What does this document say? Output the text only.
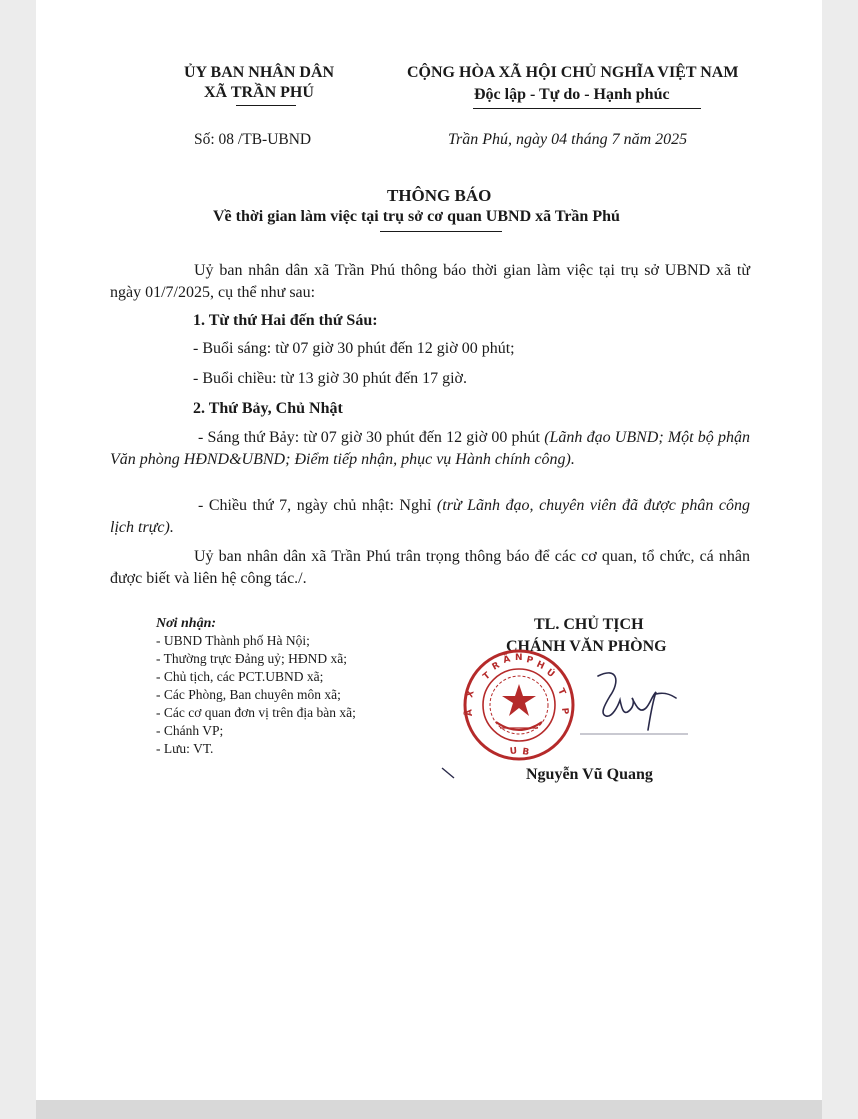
ỦY BAN NHÂN DÂN
XÃ TRẦN PHÚ
CỘNG HÒA XÃ HỘI CHỦ NGHĨA VIỆT NAM
Độc lập - Tự do - Hạnh phúc
Số: 08 /TB-UBND	Trần Phú, ngày 04 tháng 7 năm 2025
THÔNG BÁO
Về thời gian làm việc tại trụ sở cơ quan UBND xã Trần Phú
Uỷ ban nhân dân xã Trần Phú thông báo thời gian làm việc tại trụ sở UBND xã từ ngày 01/7/2025, cụ thể như sau:
1. Từ thứ Hai đến thứ Sáu:
- Buổi sáng: từ 07 giờ 30 phút đến 12 giờ 00 phút;
- Buổi chiều: từ 13 giờ 30 phút đến 17 giờ.
2. Thứ Bảy, Chủ Nhật
- Sáng thứ Bảy: từ 07 giờ 30 phút đến 12 giờ 00 phút (Lãnh đạo UBND; Một bộ phận Văn phòng HĐND&UBND; Điểm tiếp nhận, phục vụ Hành chính công).
- Chiều thứ 7, ngày chủ nhật: Nghỉ (trừ Lãnh đạo, chuyên viên đã được phân công lịch trực).
Uỷ ban nhân dân xã Trần Phú trân trọng thông báo để các cơ quan, tổ chức, cá nhân được biết và liên hệ công tác./.
Nơi nhận:
- UBND Thành phố Hà Nội;
- Thường trực Đảng uỷ; HĐND xã;
- Chủ tịch, các PCT.UBND xã;
- Các Phòng, Ban chuyên môn xã;
- Các cơ quan đơn vị trên địa bàn xã;
- Chánh VP;
- Lưu: VT.
TL. CHỦ TỊCH
CHÁNH VĂN PHÒNG
T
R
Ầ N P H
Ú
T
P
X
Ã
U B
Nguyễn Vũ Quang
